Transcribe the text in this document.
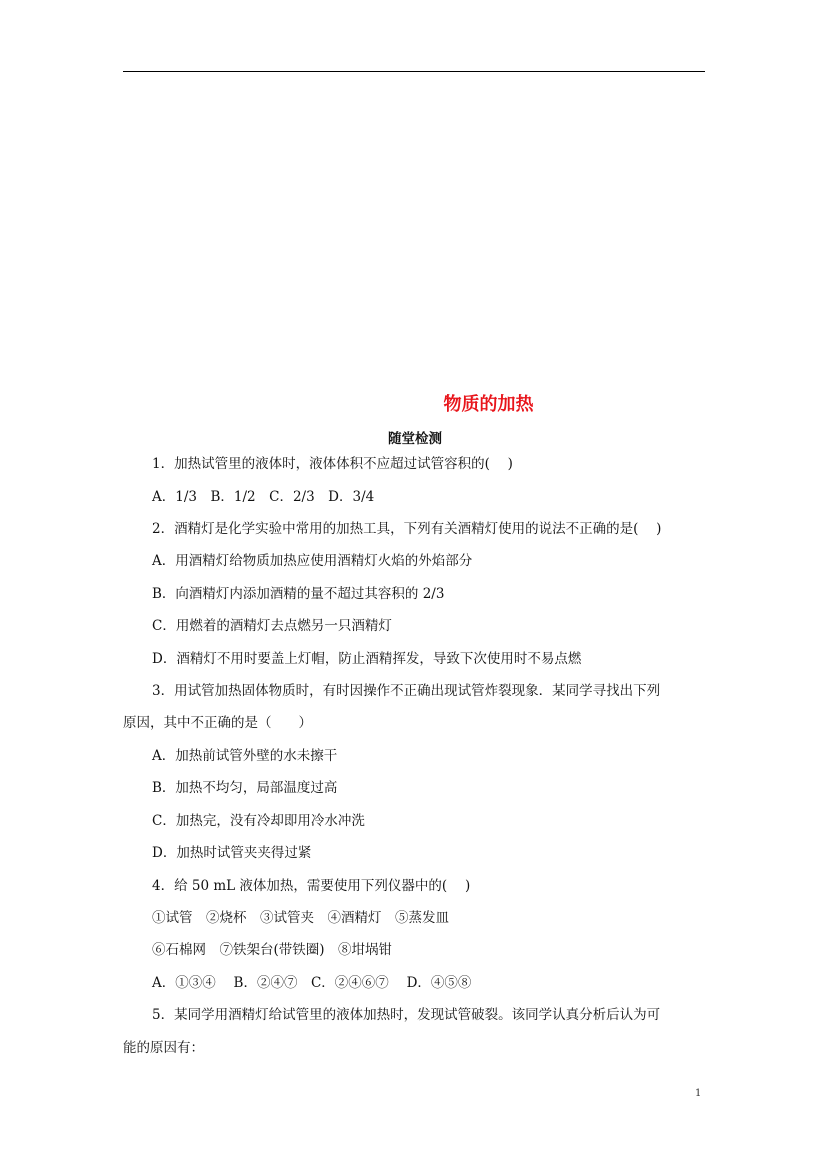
物质的加热
随堂检测
1．加热试管里的液体时，液体体积不应超过试管容积的(　 )
A．1/3　B．1/2　C．2/3　D．3/4
2．酒精灯是化学实验中常用的加热工具，下列有关酒精灯使用的说法不正确的是(　 )
A．用酒精灯给物质加热应使用酒精灯火焰的外焰部分
B．向酒精灯内添加酒精的量不超过其容积的 2/3
C．用燃着的酒精灯去点燃另一只酒精灯
D．酒精灯不用时要盖上灯帽，防止酒精挥发，导致下次使用时不易点燃
3．用试管加热固体物质时，有时因操作不正确出现试管炸裂现象．某同学寻找出下列
原因，其中不正确的是（　　）
A．加热前试管外壁的水未擦干
B．加热不均匀，局部温度过高
C．加热完，没有冷却即用冷水冲洗
D．加热时试管夹夹得过紧
4．给 50 mL 液体加热，需要使用下列仪器中的(　 )
①试管　②烧杯　③试管夹　④酒精灯　⑤蒸发皿
⑥石棉网　⑦铁架台(带铁圈)　⑧坩埚钳
A．①③④　 B．②④⑦　C．②④⑥⑦　 D．④⑤⑧
5．某同学用酒精灯给试管里的液体加热时，发现试管破裂。该同学认真分析后认为可
能的原因有：
1
